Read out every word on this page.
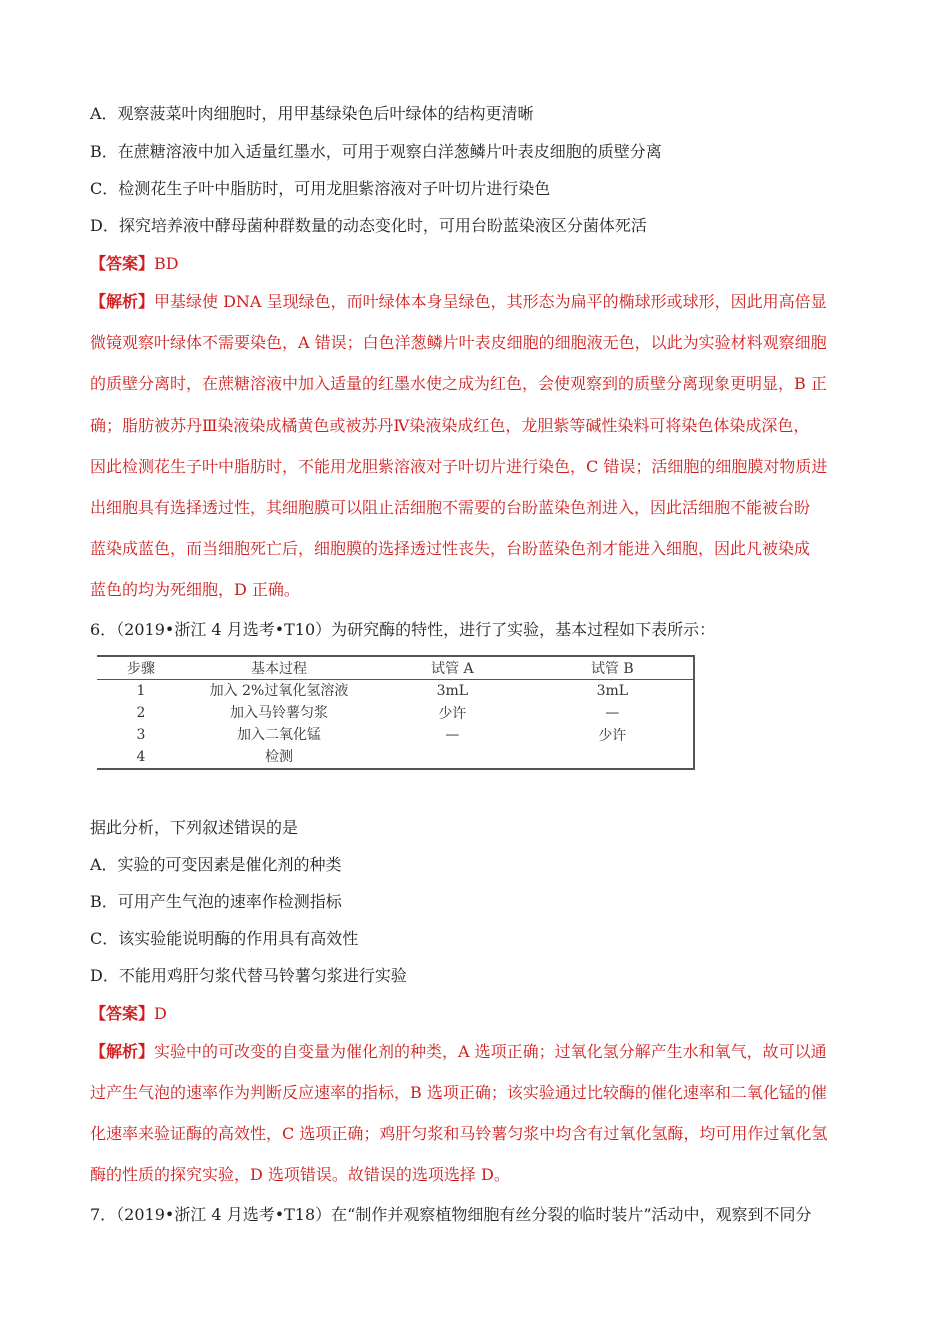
A．观察菠菜叶肉细胞时，用甲基绿染色后叶绿体的结构更清晰
B．在蔗糖溶液中加入适量红墨水，可用于观察白洋葱鳞片叶表皮细胞的质壁分离
C．检测花生子叶中脂肪时，可用龙胆紫溶液对子叶切片进行染色
D．探究培养液中酵母菌种群数量的动态变化时，可用台盼蓝染液区分菌体死活
【答案】BD
【解析】甲基绿使 DNA 呈现绿色，而叶绿体本身呈绿色，其形态为扁平的椭球形或球形，因此用高倍显
微镜观察叶绿体不需要染色，A 错误；白色洋葱鳞片叶表皮细胞的细胞液无色，以此为实验材料观察细胞
的质壁分离时，在蔗糖溶液中加入适量的红墨水使之成为红色，会使观察到的质壁分离现象更明显，B 正
确；脂肪被苏丹Ⅲ染液染成橘黄色或被苏丹Ⅳ染液染成红色，龙胆紫等碱性染料可将染色体染成深色，
因此检测花生子叶中脂肪时，不能用龙胆紫溶液对子叶切片进行染色，C 错误；活细胞的细胞膜对物质进
出细胞具有选择透过性，其细胞膜可以阻止活细胞不需要的台盼蓝染色剂进入，因此活细胞不能被台盼
蓝染成蓝色，而当细胞死亡后，细胞膜的选择透过性丧失，台盼蓝染色剂才能进入细胞，因此凡被染成
蓝色的均为死细胞，D 正确。
6．（2019•浙江 4 月选考•T10）为研究酶的特性，进行了实验，基本过程如下表所示：
步骤	基本过程	试管 A	试管 B
1	加入 2%过氧化氢溶液	3mL	3mL
2	加入马铃薯匀浆	少许	—
3	加入二氧化锰	—	少许
4	检测		
据此分析，下列叙述错误的是
A．实验的可变因素是催化剂的种类
B．可用产生气泡的速率作检测指标
C．该实验能说明酶的作用具有高效性
D．不能用鸡肝匀浆代替马铃薯匀浆进行实验
【答案】D
【解析】实验中的可改变的自变量为催化剂的种类，A 选项正确；过氧化氢分解产生水和氧气，故可以通
过产生气泡的速率作为判断反应速率的指标，B 选项正确；该实验通过比较酶的催化速率和二氧化锰的催
化速率来验证酶的高效性，C 选项正确；鸡肝匀浆和马铃薯匀浆中均含有过氧化氢酶，均可用作过氧化氢
酶的性质的探究实验，D 选项错误。故错误的选项选择 D。
7．（2019•浙江 4 月选考•T18）在“制作并观察植物细胞有丝分裂的临时装片”活动中，观察到不同分
